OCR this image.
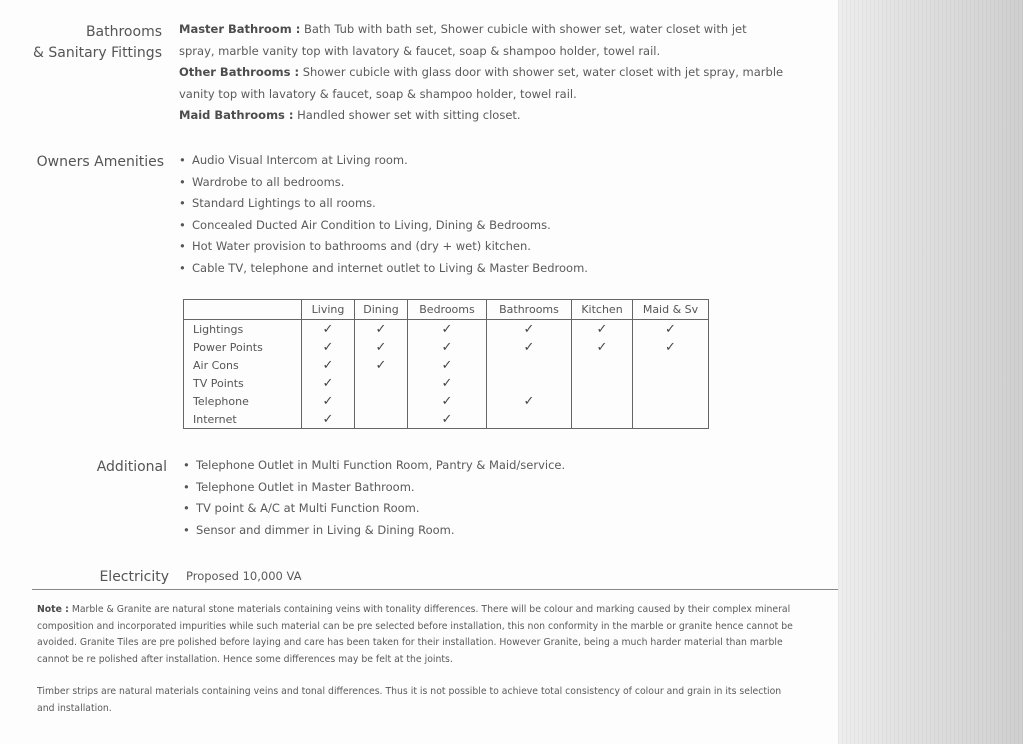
Bathrooms
& Sanitary Fittings
Master Bathroom : Bath Tub with bath set, Shower cubicle with shower set, water closet with jet spray, marble vanity top with lavatory & faucet, soap & shampoo holder, towel rail.
Other Bathrooms : Shower cubicle with glass door with shower set, water closet with jet spray, marble vanity top with lavatory & faucet, soap & shampoo holder, towel rail.
Maid Bathrooms : Handled shower set with sitting closet.
Owners Amenities	• Audio Visual Intercom at Living room.
• Wardrobe to all bedrooms.
• Standard Lightings to all rooms.
• Concealed Ducted Air Condition to Living, Dining & Bedrooms.
• Hot Water provision to bathrooms and (dry + wet) kitchen.
• Cable TV, telephone and internet outlet to Living & Master Bedroom.
	Living	Dining	Bedrooms	Bathrooms	Kitchen	Maid & Sv
Lightings	✓	✓	✓	✓	✓	✓
Power Points	✓	✓	✓	✓	✓	✓
Air Cons	✓	✓	✓			
TV Points	✓		✓			
Telephone	✓		✓	✓		
Internet	✓		✓			
Additional	• Telephone Outlet in Multi Function Room, Pantry & Maid/service.
• Telephone Outlet in Master Bathroom.
• TV point & A/C at Multi Function Room.
• Sensor and dimmer in Living & Dining Room.
Electricity Proposed 10,000 VA
Note : Marble & Granite are natural stone materials containing veins with tonality differences. There will be colour and marking caused by their complex mineral composition and incorporated impurities while such material can be pre selected before installation, this non conformity in the marble or granite hence cannot be avoided. Granite Tiles are pre polished before laying and care has been taken for their installation. However Granite, being a much harder material than marble cannot be re polished after installation. Hence some differences may be felt at the joints.
Timber strips are natural materials containing veins and tonal differences. Thus it is not possible to achieve total consistency of colour and grain in its selection and installation.
